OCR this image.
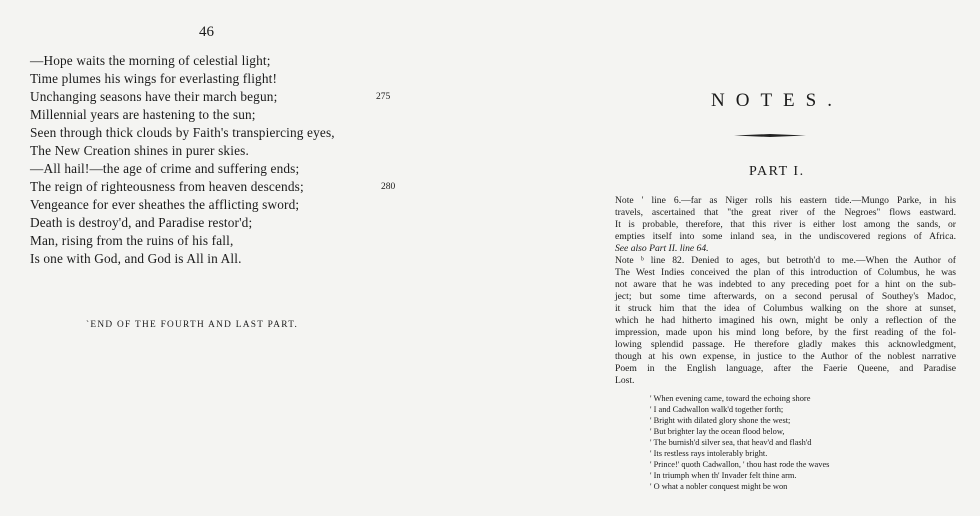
46
—Hope waits the morning of celestial light;
Time plumes his wings for everlasting flight!
Unchanging seasons have their march begun;
Millennial years are hastening to the sun;
Seen through thick clouds by Faith's transpiercing eyes,
The New Creation shines in purer skies.
—All hail!—the age of crime and suffering ends;
The reign of righteousness from heaven descends;
Vengeance for ever sheathes the afflicting sword;
Death is destroy'd, and Paradise restor'd;
Man, rising from the ruins of his fall,
Is one with God, and God is All in All.
275
280
`END OF THE FOURTH AND LAST PART.
NOTES.
PART I.
Note ' line 6.—far as Niger rolls his eastern tide.—Mungo Parke, in his
travels, ascertained that "the great river of the Negroes" flows eastward.
It is probable, therefore, that this river is either lost among the sands, or
empties itself into some inland sea, in the undiscovered regions of Africa.
See also Part II. line 64.
Note ᵇ line 82. Denied to ages, but betroth'd to me.—When the Author of
The West Indies conceived the plan of this introduction of Columbus, he was
not aware that he was indebted to any preceding poet for a hint on the sub-
ject; but some time afterwards, on a second perusal of Southey's Madoc,
it struck him that the idea of Columbus walking on the shore at sunset,
which he had hitherto imagined his own, might be only a reflection of the
impression, made upon his mind long before, by the first reading of the fol-
lowing splendid passage. He therefore gladly makes this acknowledgment,
though at his own expense, in justice to the Author of the noblest narrative
Poem in the English language, after the Faerie Queene, and Paradise
Lost.
' When evening came, toward the echoing shore
' I and Cadwallon walk'd together forth;
' Bright with dilated glory shone the west;
' But brighter lay the ocean flood below,
' The burnish'd silver sea, that heav'd and flash'd
' Its restless rays intolerably bright.
' Prince!' quoth Cadwallon, ' thou hast rode the waves
' In triumph when th' Invader felt thine arm.
' O what a nobler conquest might be won
